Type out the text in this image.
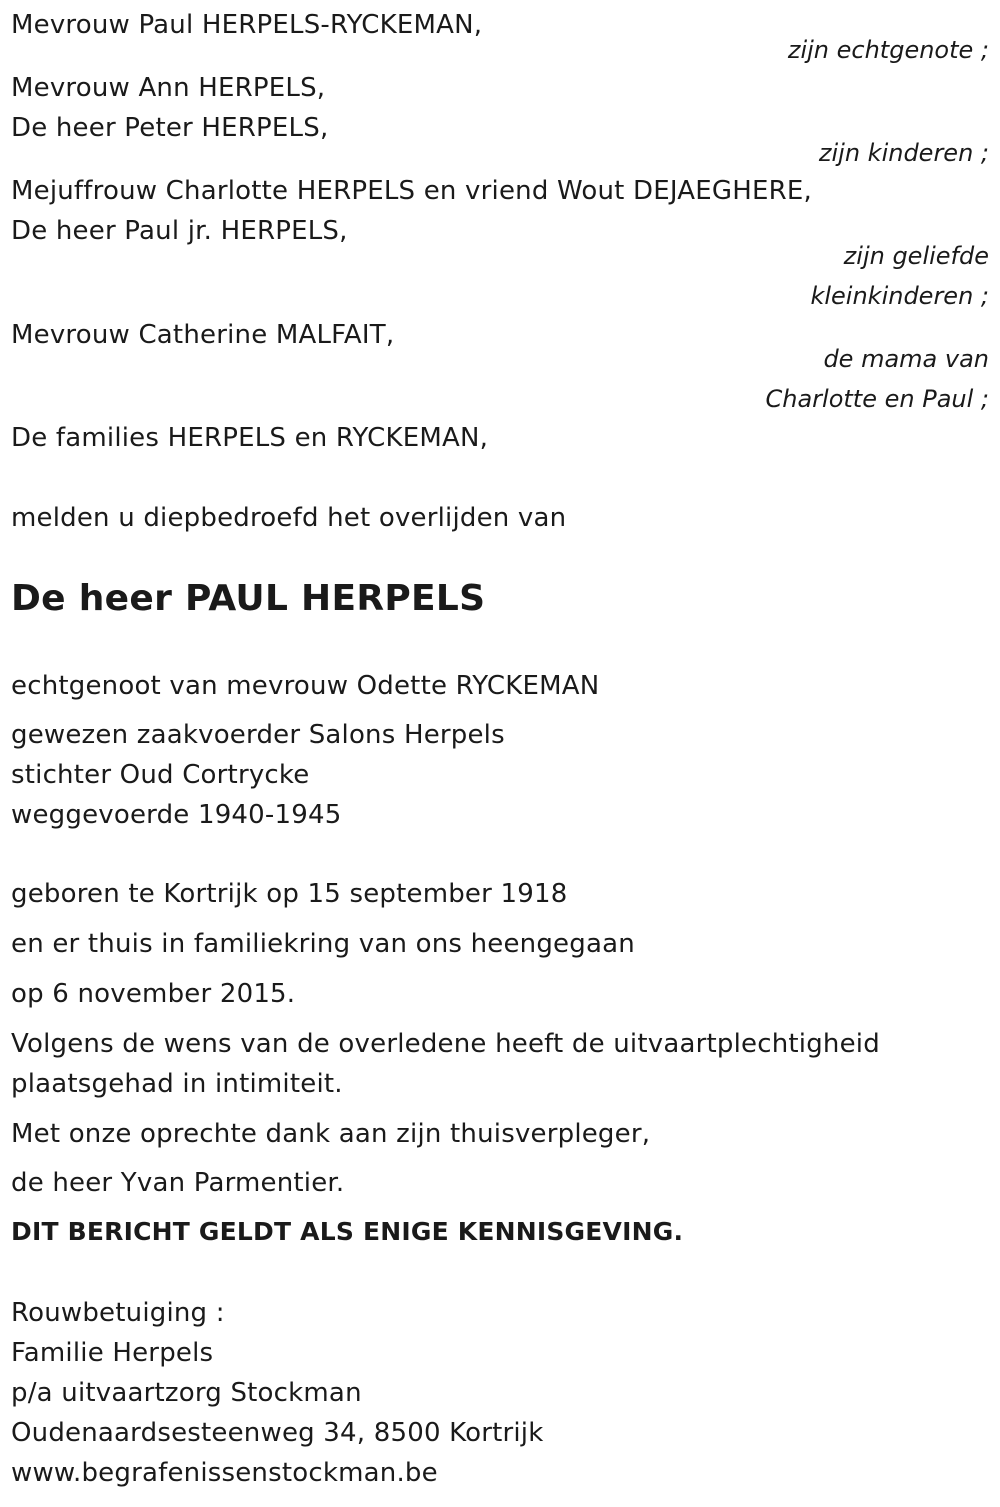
Mevrouw Paul HERPELS-RYCKEMAN,
zijn echtgenote ;
Mevrouw Ann HERPELS,
De heer Peter HERPELS,
zijn kinderen ;
Mejuffrouw Charlotte HERPELS en vriend Wout DEJAEGHERE,
De heer Paul jr. HERPELS,
zijn geliefde
kleinkinderen ;
Mevrouw Catherine MALFAIT,
de mama van
Charlotte en Paul ;
De families HERPELS en RYCKEMAN,
melden u diepbedroefd het overlijden van
De heer PAUL HERPELS
echtgenoot van mevrouw Odette RYCKEMAN
gewezen zaakvoerder Salons Herpels
stichter Oud Cortrycke
weggevoerde 1940-1945
geboren te Kortrijk op 15 september 1918
en er thuis in familiekring van ons heengegaan
op 6 november 2015.
Volgens de wens van de overledene heeft de uitvaartplechtigheid
plaatsgehad in intimiteit.
Met onze oprechte dank aan zijn thuisverpleger,
de heer Yvan Parmentier.
DIT BERICHT GELDT ALS ENIGE KENNISGEVING.
Rouwbetuiging :
Familie Herpels
p/a uitvaartzorg Stockman
Oudenaardsesteenweg 34, 8500 Kortrijk
www.begrafenissenstockman.be
